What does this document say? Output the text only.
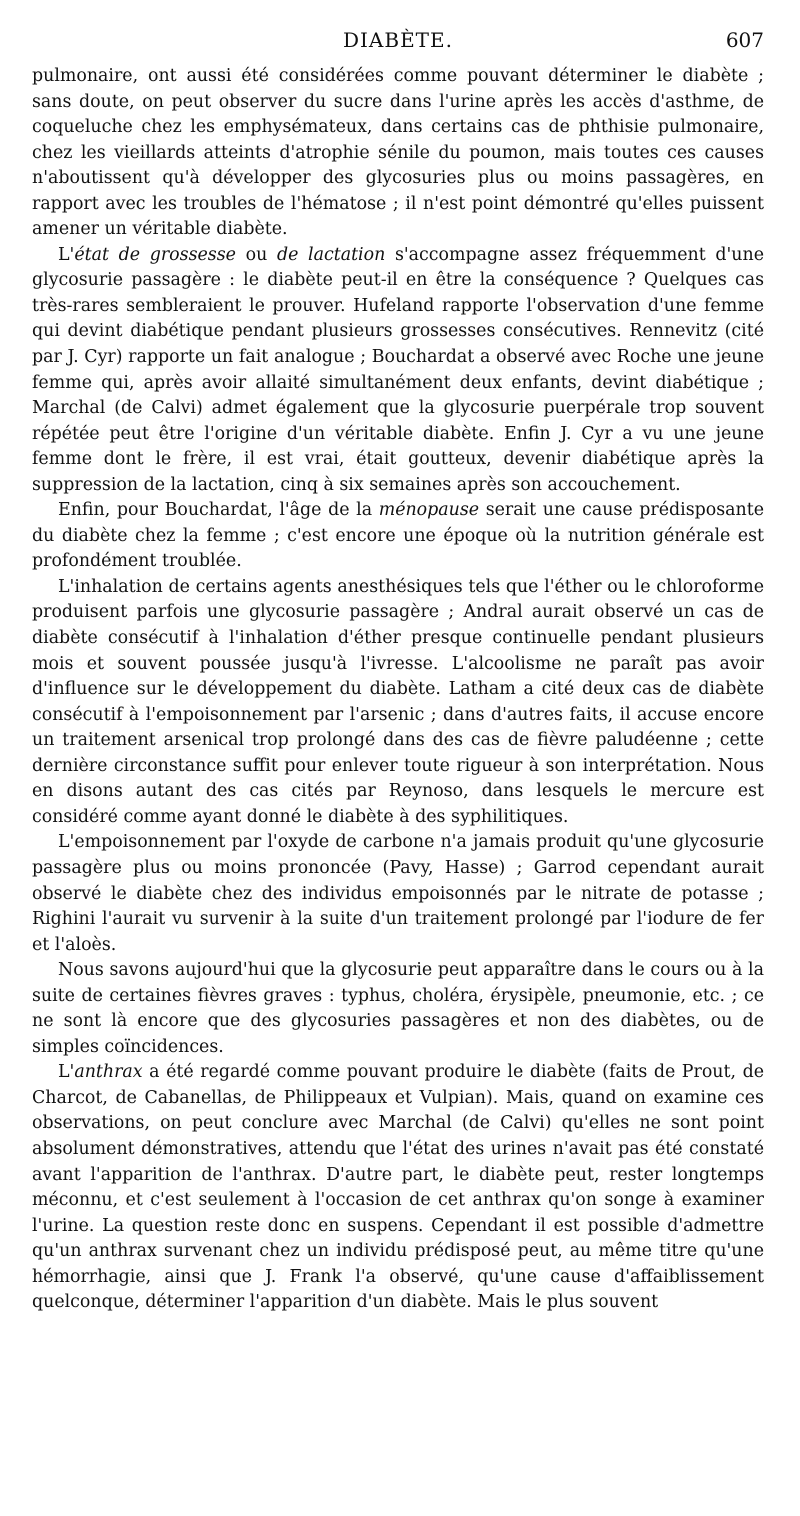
DIABÈTE.	607

pulmonaire, ont aussi été considérées comme pouvant déterminer le diabète ; sans doute, on peut observer du sucre dans l'urine après les accès d'asthme, de coqueluche chez les emphysémateux, dans certains cas de phthisie pulmonaire, chez les vieillards atteints d'atrophie sénile du poumon, mais toutes ces causes n'aboutissent qu'à développer des glycosuries plus ou moins passagères, en rapport avec les troubles de l'hématose ; il n'est point démontré qu'elles puissent amener un véritable diabète.

L'état de grossesse ou de lactation s'accompagne assez fréquemment d'une glycosurie passagère : le diabète peut-il en être la conséquence ? Quelques cas très-rares sembleraient le prouver. Hufeland rapporte l'observation d'une femme qui devint diabétique pendant plusieurs grossesses consécutives. Rennevitz (cité par J. Cyr) rapporte un fait analogue ; Bouchardat a observé avec Roche une jeune femme qui, après avoir allaité simultanément deux enfants, devint diabétique ; Marchal (de Calvi) admet également que la glycosurie puerpérale trop souvent répétée peut être l'origine d'un véritable diabète. Enfin J. Cyr a vu une jeune femme dont le frère, il est vrai, était goutteux, devenir diabétique après la suppression de la lactation, cinq à six semaines après son accouchement.

Enfin, pour Bouchardat, l'âge de la ménopause serait une cause prédisposante du diabète chez la femme ; c'est encore une époque où la nutrition générale est profondément troublée.

L'inhalation de certains agents anesthésiques tels que l'éther ou le chloroforme produisent parfois une glycosurie passagère ; Andral aurait observé un cas de diabète consécutif à l'inhalation d'éther presque continuelle pendant plusieurs mois et souvent poussée jusqu'à l'ivresse. L'alcoolisme ne paraît pas avoir d'influence sur le développement du diabète. Latham a cité deux cas de diabète consécutif à l'empoisonnement par l'arsenic ; dans d'autres faits, il accuse encore un traitement arsenical trop prolongé dans des cas de fièvre paludéenne ; cette dernière circonstance suffit pour enlever toute rigueur à son interprétation. Nous en disons autant des cas cités par Reynoso, dans lesquels le mercure est considéré comme ayant donné le diabète à des syphilitiques.

L'empoisonnement par l'oxyde de carbone n'a jamais produit qu'une glycosurie passagère plus ou moins prononcée (Pavy, Hasse) ; Garrod cependant aurait observé le diabète chez des individus empoisonnés par le nitrate de potasse ; Righini l'aurait vu survenir à la suite d'un traitement prolongé par l'iodure de fer et l'aloès.

Nous savons aujourd'hui que la glycosurie peut apparaître dans le cours ou à la suite de certaines fièvres graves : typhus, choléra, érysipèle, pneumonie, etc. ; ce ne sont là encore que des glycosuries passagères et non des diabètes, ou de simples coïncidences.

L'anthrax a été regardé comme pouvant produire le diabète (faits de Prout, de Charcot, de Cabanellas, de Philippeaux et Vulpian). Mais, quand on examine ces observations, on peut conclure avec Marchal (de Calvi) qu'elles ne sont point absolument démonstratives, attendu que l'état des urines n'avait pas été constaté avant l'apparition de l'anthrax. D'autre part, le diabète peut, rester longtemps méconnu, et c'est seulement à l'occasion de cet anthrax qu'on songe à examiner l'urine. La question reste donc en suspens. Cependant il est possible d'admettre qu'un anthrax survenant chez un individu prédisposé peut, au même titre qu'une hémorrhagie, ainsi que J. Frank l'a observé, qu'une cause d'affaiblissement quelconque, déterminer l'apparition d'un diabète. Mais le plus souvent
